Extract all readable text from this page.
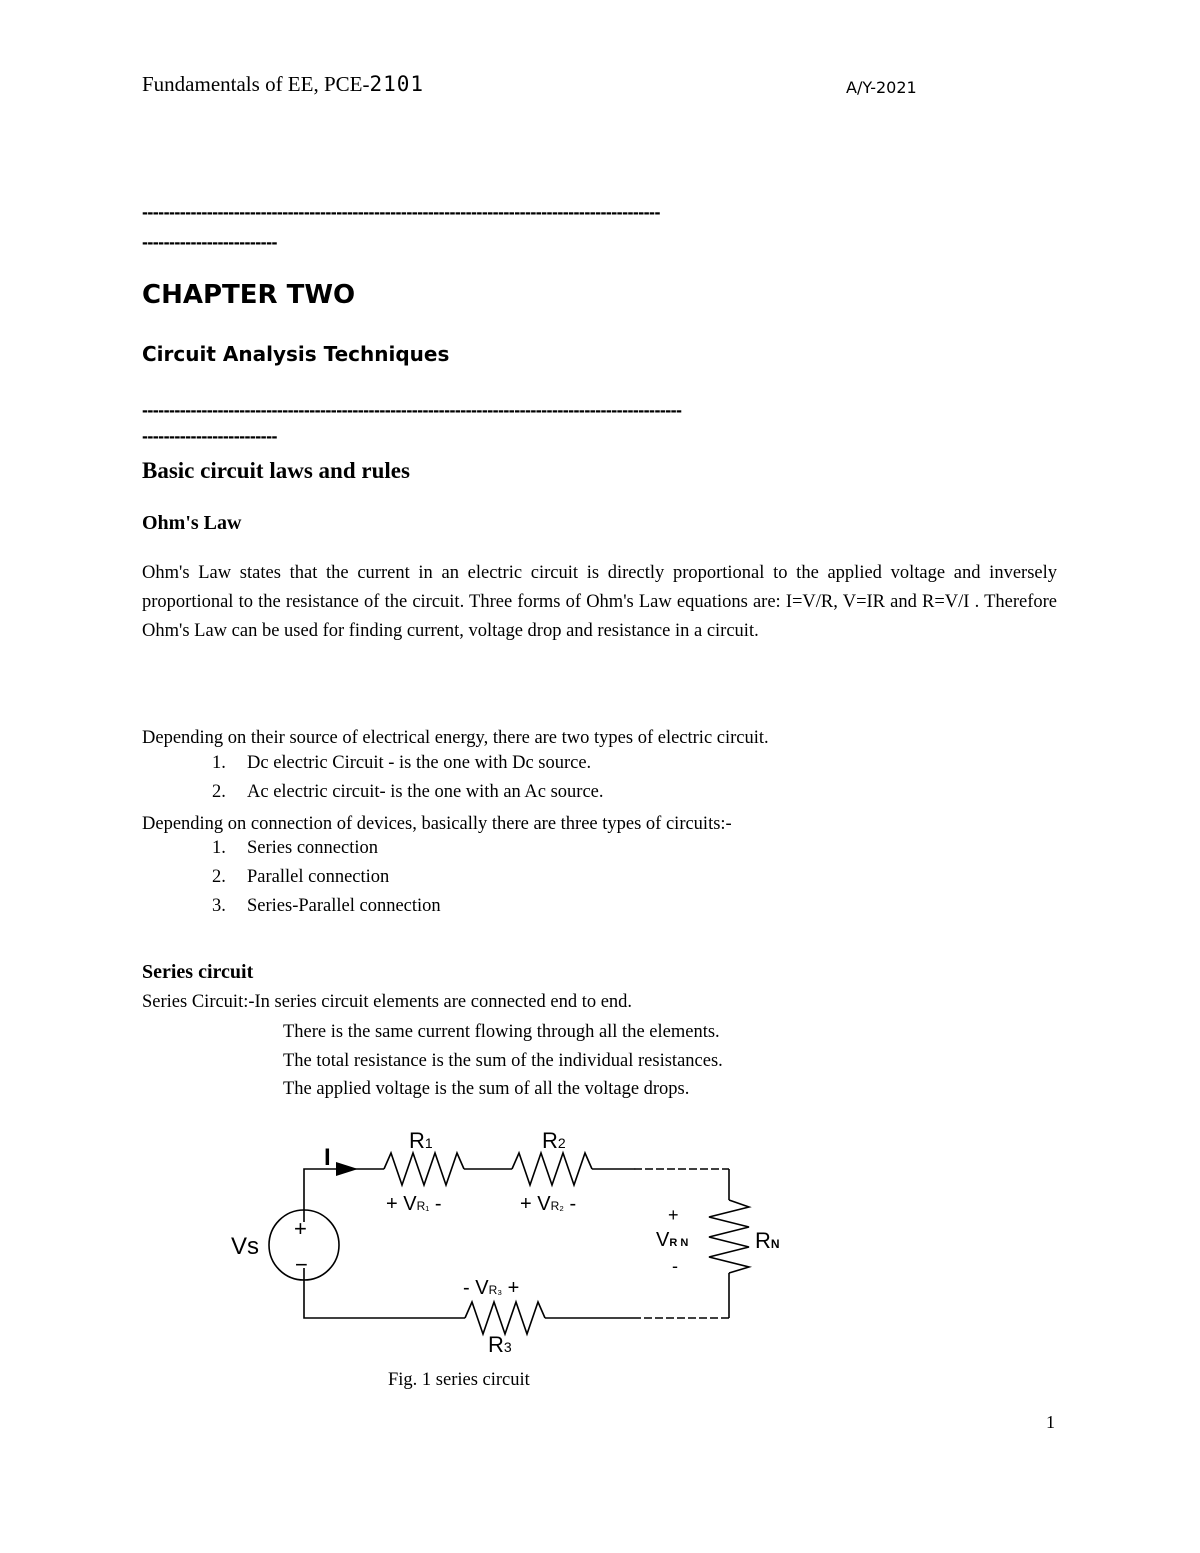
Fundamentals of EE, PCE-2101	A/Y-2021
------------------------------------------------------------------------------------------------
-------------------------
CHAPTER TWO
Circuit Analysis Techniques
----------------------------------------------------------------------------------------------------
-------------------------
Basic circuit laws and rules
Ohm's Law
Ohm's Law states that the current in an electric circuit is directly proportional to the applied voltage and inversely proportional to the resistance of the circuit. Three forms of Ohm's Law equations are: I=V/R, V=IR and R=V/I . Therefore Ohm's Law can be used for finding current, voltage drop and resistance in a circuit.
Depending on their source of electrical energy, there are two types of electric circuit.
1. Dc electric Circuit - is the one with Dc source.
2. Ac electric circuit- is the one with an Ac source.
Depending on connection of devices, basically there are three types of circuits:-
1. Series connection
2. Parallel connection
3. Series-Parallel connection
Series circuit
Series Circuit:-In series circuit elements are connected end to end.
There is the same current flowing through all the elements.
The total resistance is the sum of the individual resistances.
The applied voltage is the sum of all the voltage drops.
I
Vs
+
−
R1
+ VR₁ -
R2
+ VR₂ -	+
VR N
-
RN
- VR₃ +
R3
Fig. 1 series circuit
1
